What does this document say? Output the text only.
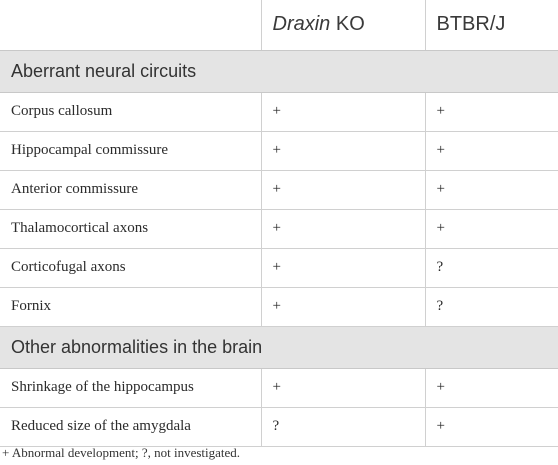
	Draxin KO	BTBR/J
Aberrant neural circuits		
Corpus callosum	+	+
Hippocampal commissure	+	+
Anterior commissure	+	+
Thalamocortical axons	+	+
Corticofugal axons	+	?
Fornix	+	?
Other abnormalities in the brain		
Shrinkage of the hippocampus	+	+
Reduced size of the amygdala	?	+
+ Abnormal development; ?, not investigated.
